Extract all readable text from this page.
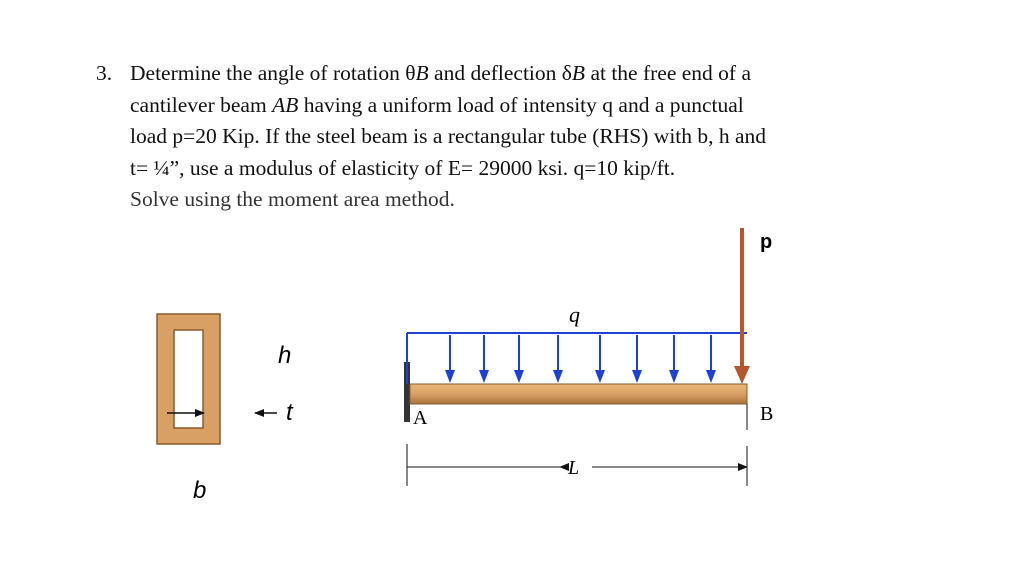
3. Determine the angle of rotation θB and deflection δB at the free end of a
cantilever beam AB having a uniform load of intensity q and a punctual
load p=20 Kip. If the steel beam is a rectangular tube (RHS) with b, h and
t= ¼”, use a modulus of elasticity of E= 29000 ksi. q=10 kip/ft.
Solve using the moment area method.
h
t
b
q
p
A	B
L
